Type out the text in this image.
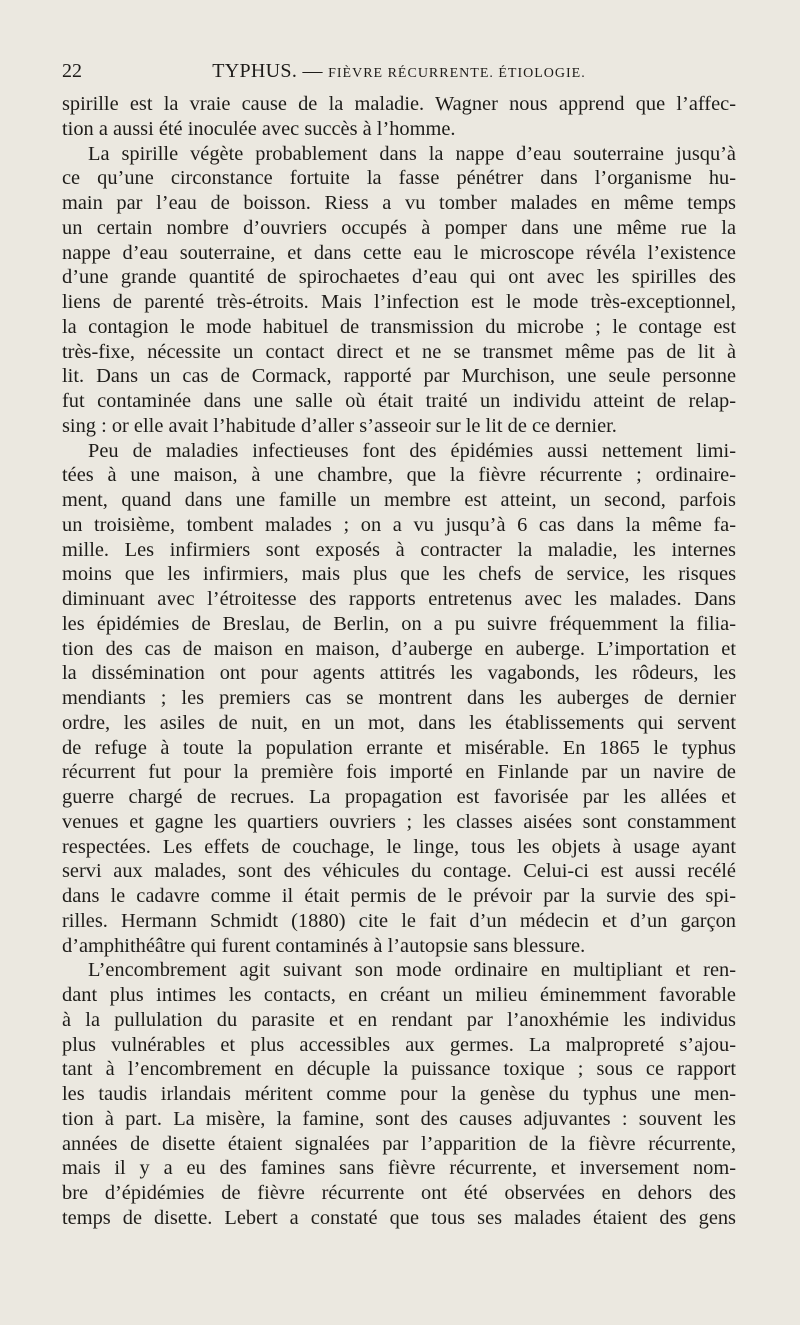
22	TYPHUS. — FIÈVRE RÉCURRENTE. ÉTIOLOGIE.
spirille est la vraie cause de la maladie. Wagner nous apprend que l’affec-
tion a aussi été inoculée avec succès à l’homme.
La spirille végète probablement dans la nappe d’eau souterraine jusqu’à
ce qu’une circonstance fortuite la fasse pénétrer dans l’organisme hu-
main par l’eau de boisson. Riess a vu tomber malades en même temps
un certain nombre d’ouvriers occupés à pomper dans une même rue la
nappe d’eau souterraine, et dans cette eau le microscope révéla l’existence
d’une grande quantité de spirochaetes d’eau qui ont avec les spirilles des
liens de parenté très-étroits. Mais l’infection est le mode très-exceptionnel,
la contagion le mode habituel de transmission du microbe ; le contage est
très-fixe, nécessite un contact direct et ne se transmet même pas de lit à
lit. Dans un cas de Cormack, rapporté par Murchison, une seule personne
fut contaminée dans une salle où était traité un individu atteint de relap-
sing : or elle avait l’habitude d’aller s’asseoir sur le lit de ce dernier.
Peu de maladies infectieuses font des épidémies aussi nettement limi-
tées à une maison, à une chambre, que la fièvre récurrente ; ordinaire-
ment, quand dans une famille un membre est atteint, un second, parfois
un troisième, tombent malades ; on a vu jusqu’à 6 cas dans la même fa-
mille. Les infirmiers sont exposés à contracter la maladie, les internes
moins que les infirmiers, mais plus que les chefs de service, les risques
diminuant avec l’étroitesse des rapports entretenus avec les malades. Dans
les épidémies de Breslau, de Berlin, on a pu suivre fréquemment la filia-
tion des cas de maison en maison, d’auberge en auberge. L’importation et
la dissémination ont pour agents attitrés les vagabonds, les rôdeurs, les
mendiants ; les premiers cas se montrent dans les auberges de dernier
ordre, les asiles de nuit, en un mot, dans les établissements qui servent
de refuge à toute la population errante et misérable. En 1865 le typhus
récurrent fut pour la première fois importé en Finlande par un navire de
guerre chargé de recrues. La propagation est favorisée par les allées et
venues et gagne les quartiers ouvriers ; les classes aisées sont constamment
respectées. Les effets de couchage, le linge, tous les objets à usage ayant
servi aux malades, sont des véhicules du contage. Celui-ci est aussi recélé
dans le cadavre comme il était permis de le prévoir par la survie des spi-
rilles. Hermann Schmidt (1880) cite le fait d’un médecin et d’un garçon
d’amphithéâtre qui furent contaminés à l’autopsie sans blessure.
L’encombrement agit suivant son mode ordinaire en multipliant et ren-
dant plus intimes les contacts, en créant un milieu éminemment favorable
à la pullulation du parasite et en rendant par l’anoxhémie les individus
plus vulnérables et plus accessibles aux germes. La malpropreté s’ajou-
tant à l’encombrement en décuple la puissance toxique ; sous ce rapport
les taudis irlandais méritent comme pour la genèse du typhus une men-
tion à part. La misère, la famine, sont des causes adjuvantes : souvent les
années de disette étaient signalées par l’apparition de la fièvre récurrente,
mais il y a eu des famines sans fièvre récurrente, et inversement nom-
bre d’épidémies de fièvre récurrente ont été observées en dehors des
temps de disette. Lebert a constaté que tous ses malades étaient des gens
